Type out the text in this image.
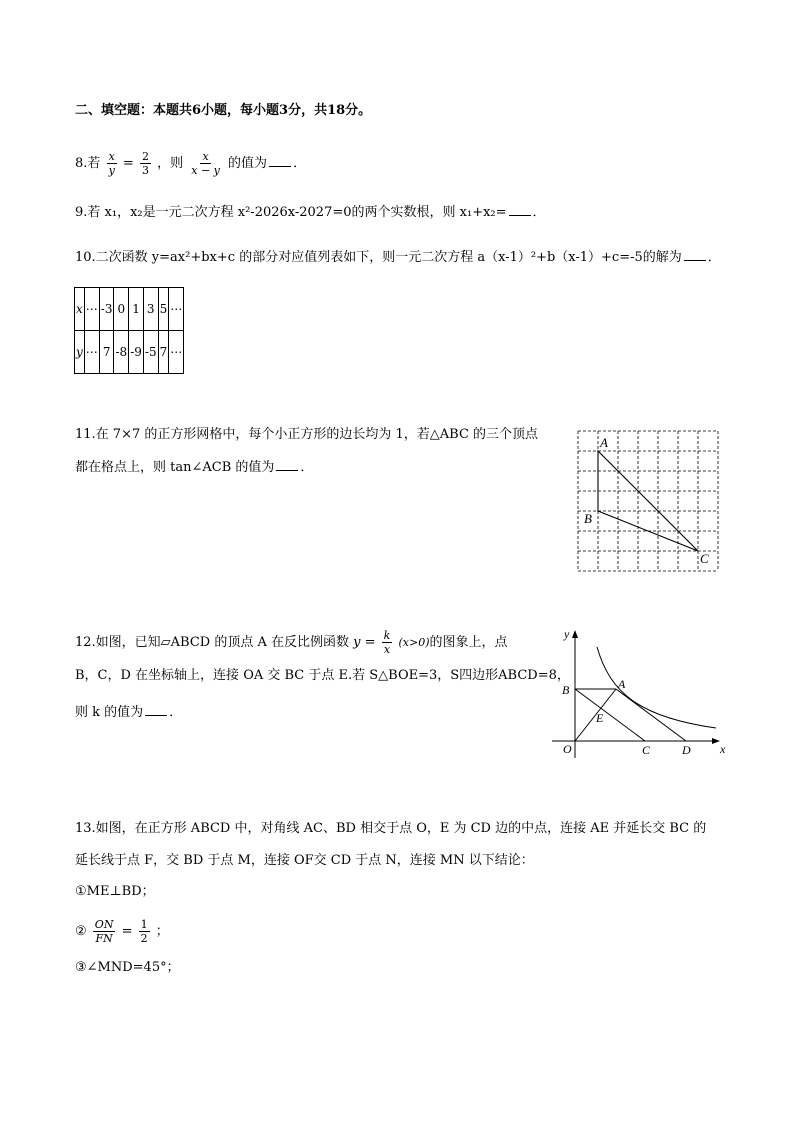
二、填空题：本题共6小题，每小题3分，共18分。
8.若 $\frac{x}{y} = \frac{2}{3}$ ，则 $\frac{x}{x - y}$ 的值为 ．
9.若 x₁，x₂是一元二次方程 x²-2026x-2027=0的两个实数根，则 x₁+x₂= ．
10.二次函数 y=ax²+bx+c 的部分对应值列表如下，则一元二次方程 a（x-1）²+b（x-1）+c=-5的解为 ．
x	⋯	-3	0	1	3	5	⋯
y	⋯	7	-8	-9	-5	7	⋯
11.在 7×7 的正方形网格中，每个小正方形的边长均为 1，若△ABC 的三个顶点
都在格点上，则 tan∠ACB 的值为 ．
A
B
C
12.如图，已知▱ABCD 的顶点 A 在反比例函数 $y = \frac{k}{x} (x>0)$的图象上，点
B，C，D 在坐标轴上，连接 OA 交 BC 于点 E.若 S△BOE=3，S四边形ABCD=8，
则 k 的值为 ．
x
y
O
B	A
E
C	D
13.如图，在正方形 ABCD 中，对角线 AC、BD 相交于点 O，E 为 CD 边的中点，连接 AE 并延长交 BC 的
延长线于点 F，交 BD 于点 M，连接 OF交 CD 于点 N，连接 MN 以下结论：
①ME⊥BD；
② $\frac{ON}{FN} = \frac{1}{2}$ ；
③∠MND=45°；
